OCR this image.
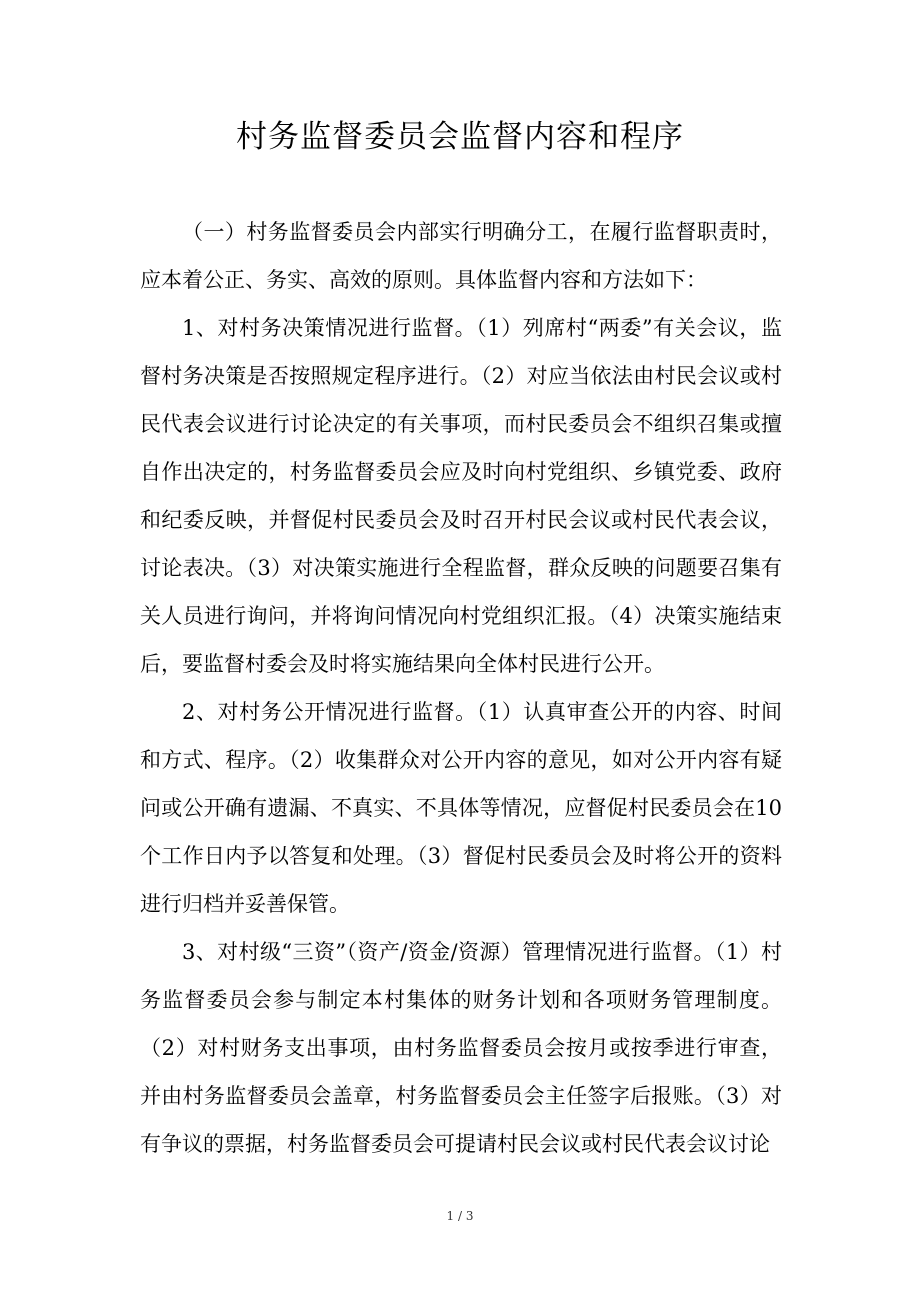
村务监督委员会监督内容和程序

（一）村务监督委员会内部实行明确分工，在履行监督职责时，应本着公正、务实、高效的原则。具体监督内容和方法如下：

1、对村务决策情况进行监督。（1）列席村“两委”有关会议，监督村务决策是否按照规定程序进行。（2）对应当依法由村民会议或村民代表会议进行讨论决定的有关事项，而村民委员会不组织召集或擅自作出决定的，村务监督委员会应及时向村党组织、乡镇党委、政府和纪委反映，并督促村民委员会及时召开村民会议或村民代表会议，讨论表决。（3）对决策实施进行全程监督，群众反映的问题要召集有关人员进行询问，并将询问情况向村党组织汇报。（4）决策实施结束后，要监督村委会及时将实施结果向全体村民进行公开。

2、对村务公开情况进行监督。（1）认真审查公开的内容、时间和方式、程序。（2）收集群众对公开内容的意见，如对公开内容有疑问或公开确有遗漏、不真实、不具体等情况，应督促村民委员会在10个工作日内予以答复和处理。（3）督促村民委员会及时将公开的资料进行归档并妥善保管。

3、对村级“三资”（资产/资金/资源）管理情况进行监督。（1）村务监督委员会参与制定本村集体的财务计划和各项财务管理制度。（2）对村财务支出事项，由村务监督委员会按月或按季进行审查，并由村务监督委员会盖章，村务监督委员会主任签字后报账。（3）对有争议的票据，村务监督委员会可提请村民会议或村民代表会议讨论

1 / 3
